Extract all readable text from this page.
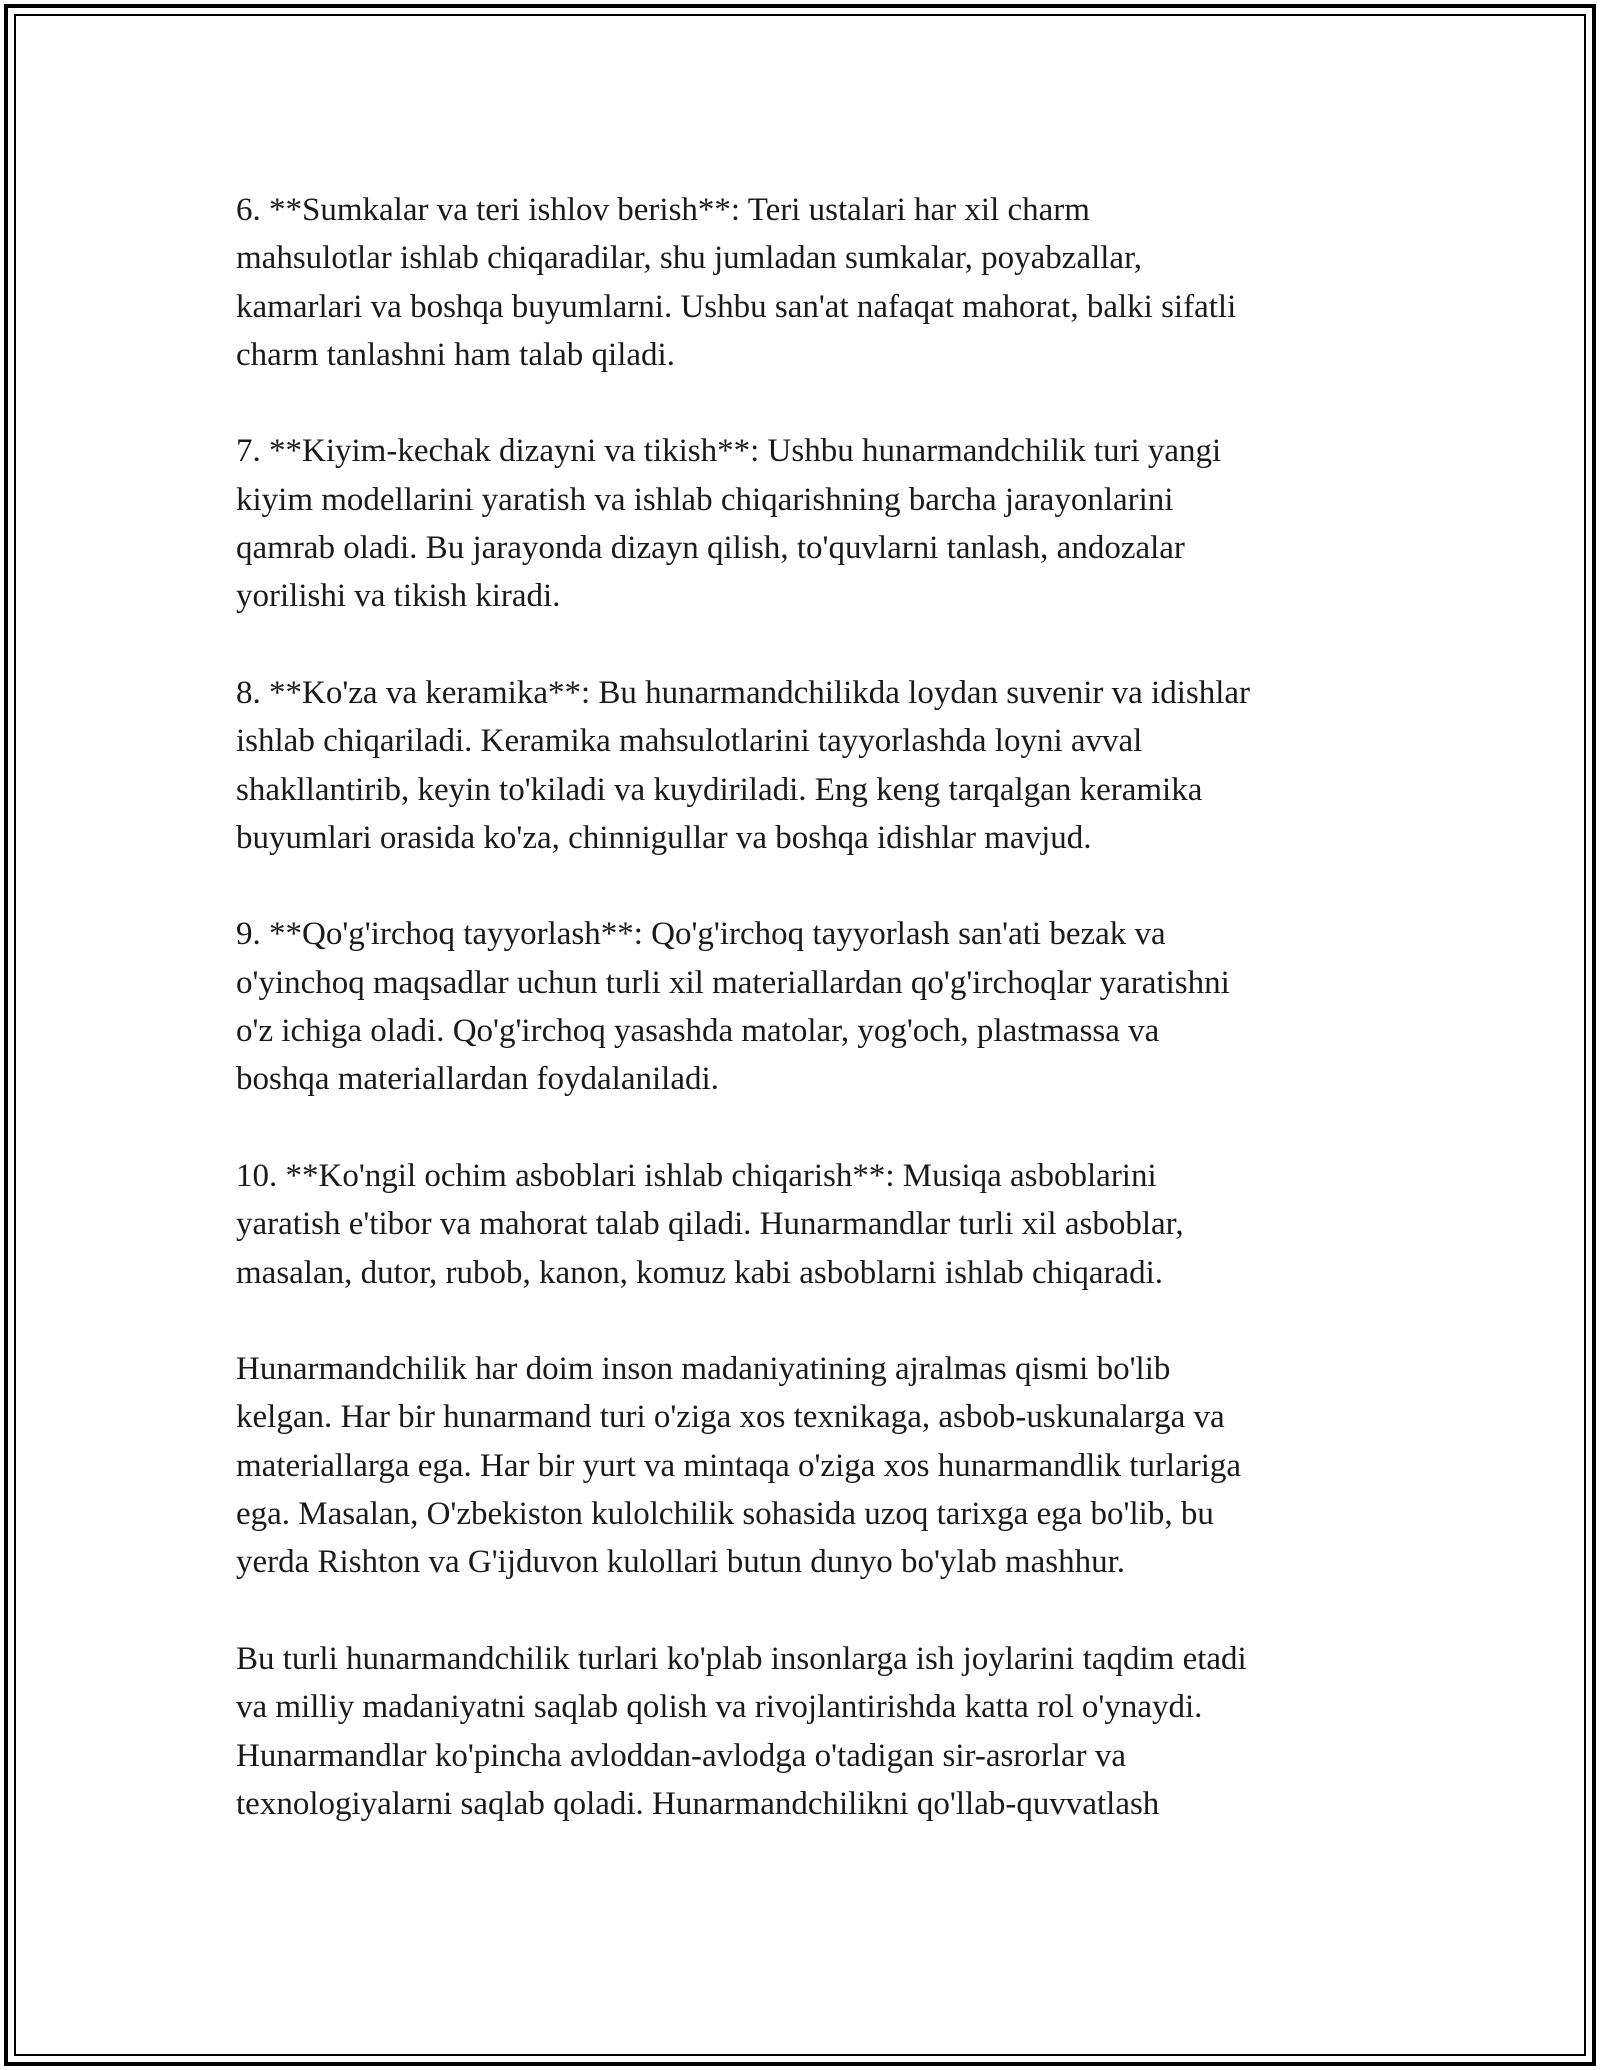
6. **Sumkalar va teri ishlov berish**: Teri ustalari har xil charm
mahsulotlar ishlab chiqaradilar, shu jumladan sumkalar, poyabzallar,
kamarlari va boshqa buyumlarni. Ushbu san'at nafaqat mahorat, balki sifatli
charm tanlashni ham talab qiladi.

7. **Kiyim-kechak dizayni va tikish**: Ushbu hunarmandchilik turi yangi
kiyim modellarini yaratish va ishlab chiqarishning barcha jarayonlarini
qamrab oladi. Bu jarayonda dizayn qilish, to'quvlarni tanlash, andozalar
yorilishi va tikish kiradi.

8. **Ko'za va keramika**: Bu hunarmandchilikda loydan suvenir va idishlar
ishlab chiqariladi. Keramika mahsulotlarini tayyorlashda loyni avval
shakllantirib, keyin to'kiladi va kuydiriladi. Eng keng tarqalgan keramika
buyumlari orasida ko'za, chinnigullar va boshqa idishlar mavjud.

9. **Qo'g'irchoq tayyorlash**: Qo'g'irchoq tayyorlash san'ati bezak va
o'yinchoq maqsadlar uchun turli xil materiallardan qo'g'irchoqlar yaratishni
o'z ichiga oladi. Qo'g'irchoq yasashda matolar, yog'och, plastmassa va
boshqa materiallardan foydalaniladi.

10. **Ko'ngil ochim asboblari ishlab chiqarish**: Musiqa asboblarini
yaratish e'tibor va mahorat talab qiladi. Hunarmandlar turli xil asboblar,
masalan, dutor, rubob, kanon, komuz kabi asboblarni ishlab chiqaradi.

Hunarmandchilik har doim inson madaniyatining ajralmas qismi bo'lib
kelgan. Har bir hunarmand turi o'ziga xos texnikaga, asbob-uskunalarga va
materiallarga ega. Har bir yurt va mintaqa o'ziga xos hunarmandlik turlariga
ega. Masalan, O'zbekiston kulolchilik sohasida uzoq tarixga ega bo'lib, bu
yerda Rishton va G'ijduvon kulollari butun dunyo bo'ylab mashhur.

Bu turli hunarmandchilik turlari ko'plab insonlarga ish joylarini taqdim etadi
va milliy madaniyatni saqlab qolish va rivojlantirishda katta rol o'ynaydi.
Hunarmandlar ko'pincha avloddan-avlodga o'tadigan sir-asrorlar va
texnologiyalarni saqlab qoladi. Hunarmandchilikni qo'llab-quvvatlash
